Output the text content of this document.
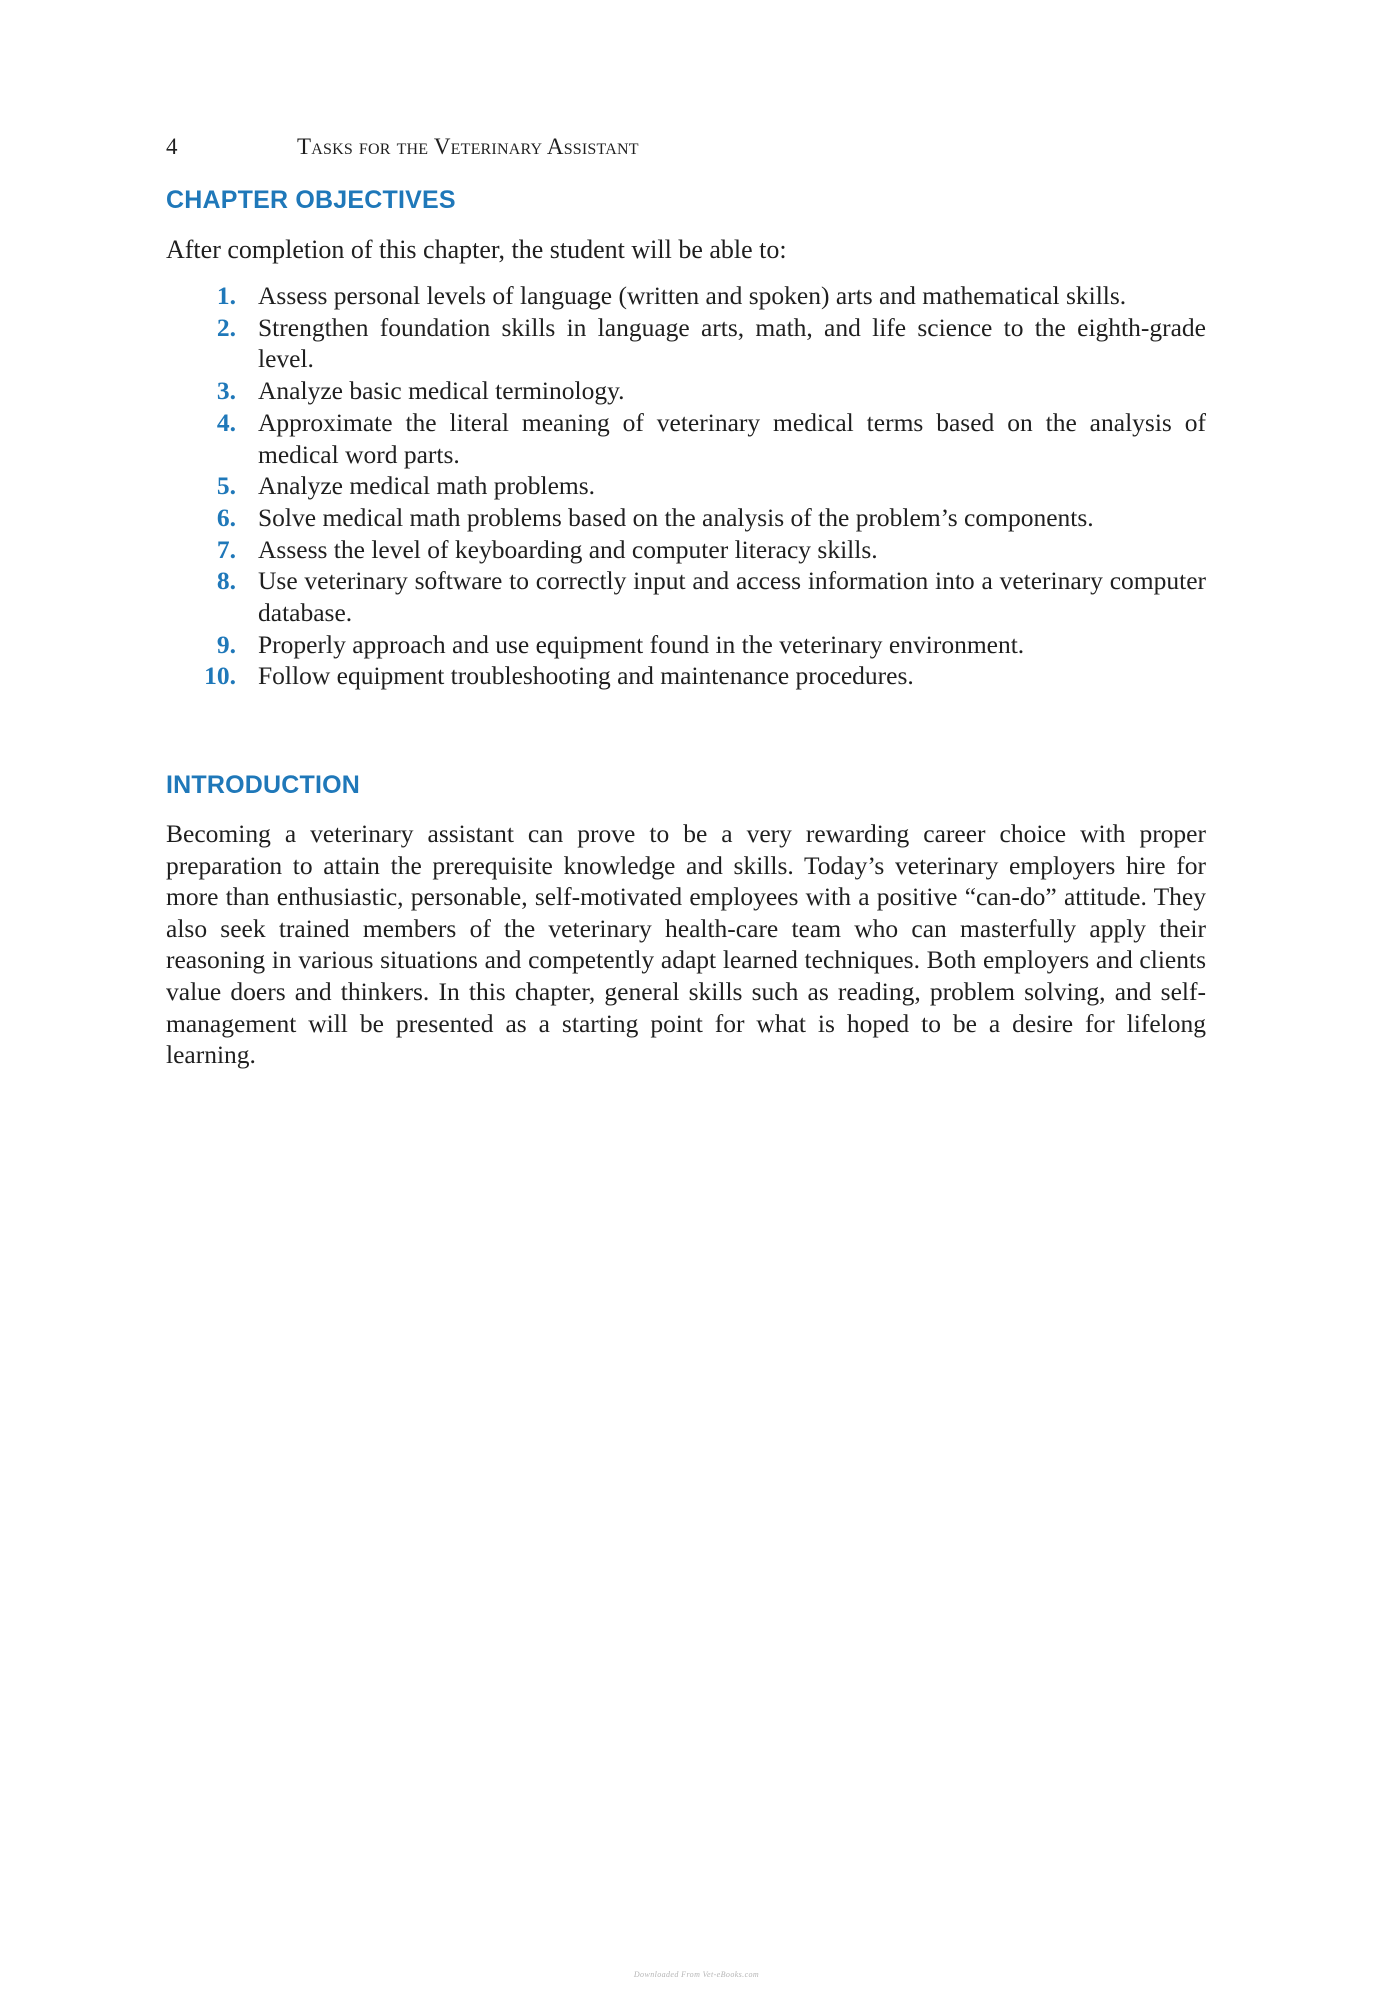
4	Tasks for the Veterinary Assistant
CHAPTER OBJECTIVES
After completion of this chapter, the student will be able to:
1. Assess personal levels of language (written and spoken) arts and mathematical skills.
2. Strengthen foundation skills in language arts, math, and life science to the eighth-grade level.
3. Analyze basic medical terminology.
4. Approximate the literal meaning of veterinary medical terms based on the analysis of medical word parts.
5. Analyze medical math problems.
6. Solve medical math problems based on the analysis of the problem’s components.
7. Assess the level of keyboarding and computer literacy skills.
8. Use veterinary software to correctly input and access information into a veterinary computer database.
9. Properly approach and use equipment found in the veterinary environment.
10. Follow equipment troubleshooting and maintenance procedures.
INTRODUCTION

Becoming a veterinary assistant can prove to be a very rewarding career choice with proper preparation to attain the prerequisite knowledge and skills. Today’s veterinary employers hire for more than enthusiastic, personable, self-motivated employees with a positive “can-do” attitude. They also seek trained members of the veterinary health-care team who can masterfully apply their reasoning in various situations and competently adapt learned techniques. Both employers and clients value doers and thinkers. In this chapter, general skills such as reading, problem solving, and self-management will be presented as a starting point for what is hoped to be a desire for lifelong learning.

Downloaded From Vet-eBooks.com
